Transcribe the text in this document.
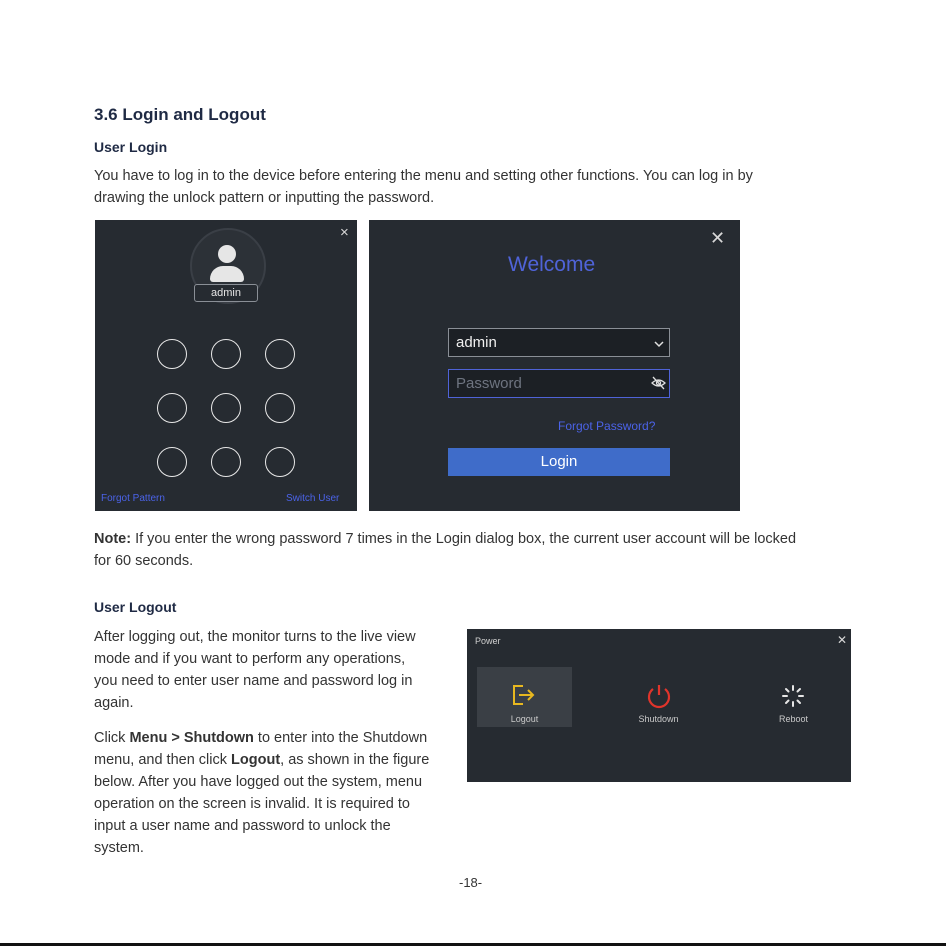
3.6 Login and Logout
User Login
You have to log in to the device before entering the menu and setting other functions. You can log in by
drawing the unlock pattern or inputting the password.
×
admin
Forgot Pattern	Switch User
✕
Welcome
admin
Password
Forgot Password?
Login
Note: If you enter the wrong password 7 times in the Login dialog box, the current user account will be locked
for 60 seconds.
User Logout
After logging out, the monitor turns to the live view
mode and if you want to perform any operations,
you need to enter user name and password log in
again.
Click Menu > Shutdown to enter into the Shutdown
menu, and then click Logout, as shown in the figure
below. After you have logged out the system, menu
operation on the screen is invalid. It is required to
input a user name and password to unlock the
system.
Power	✕
Logout	Shutdown	Reboot
-18-
